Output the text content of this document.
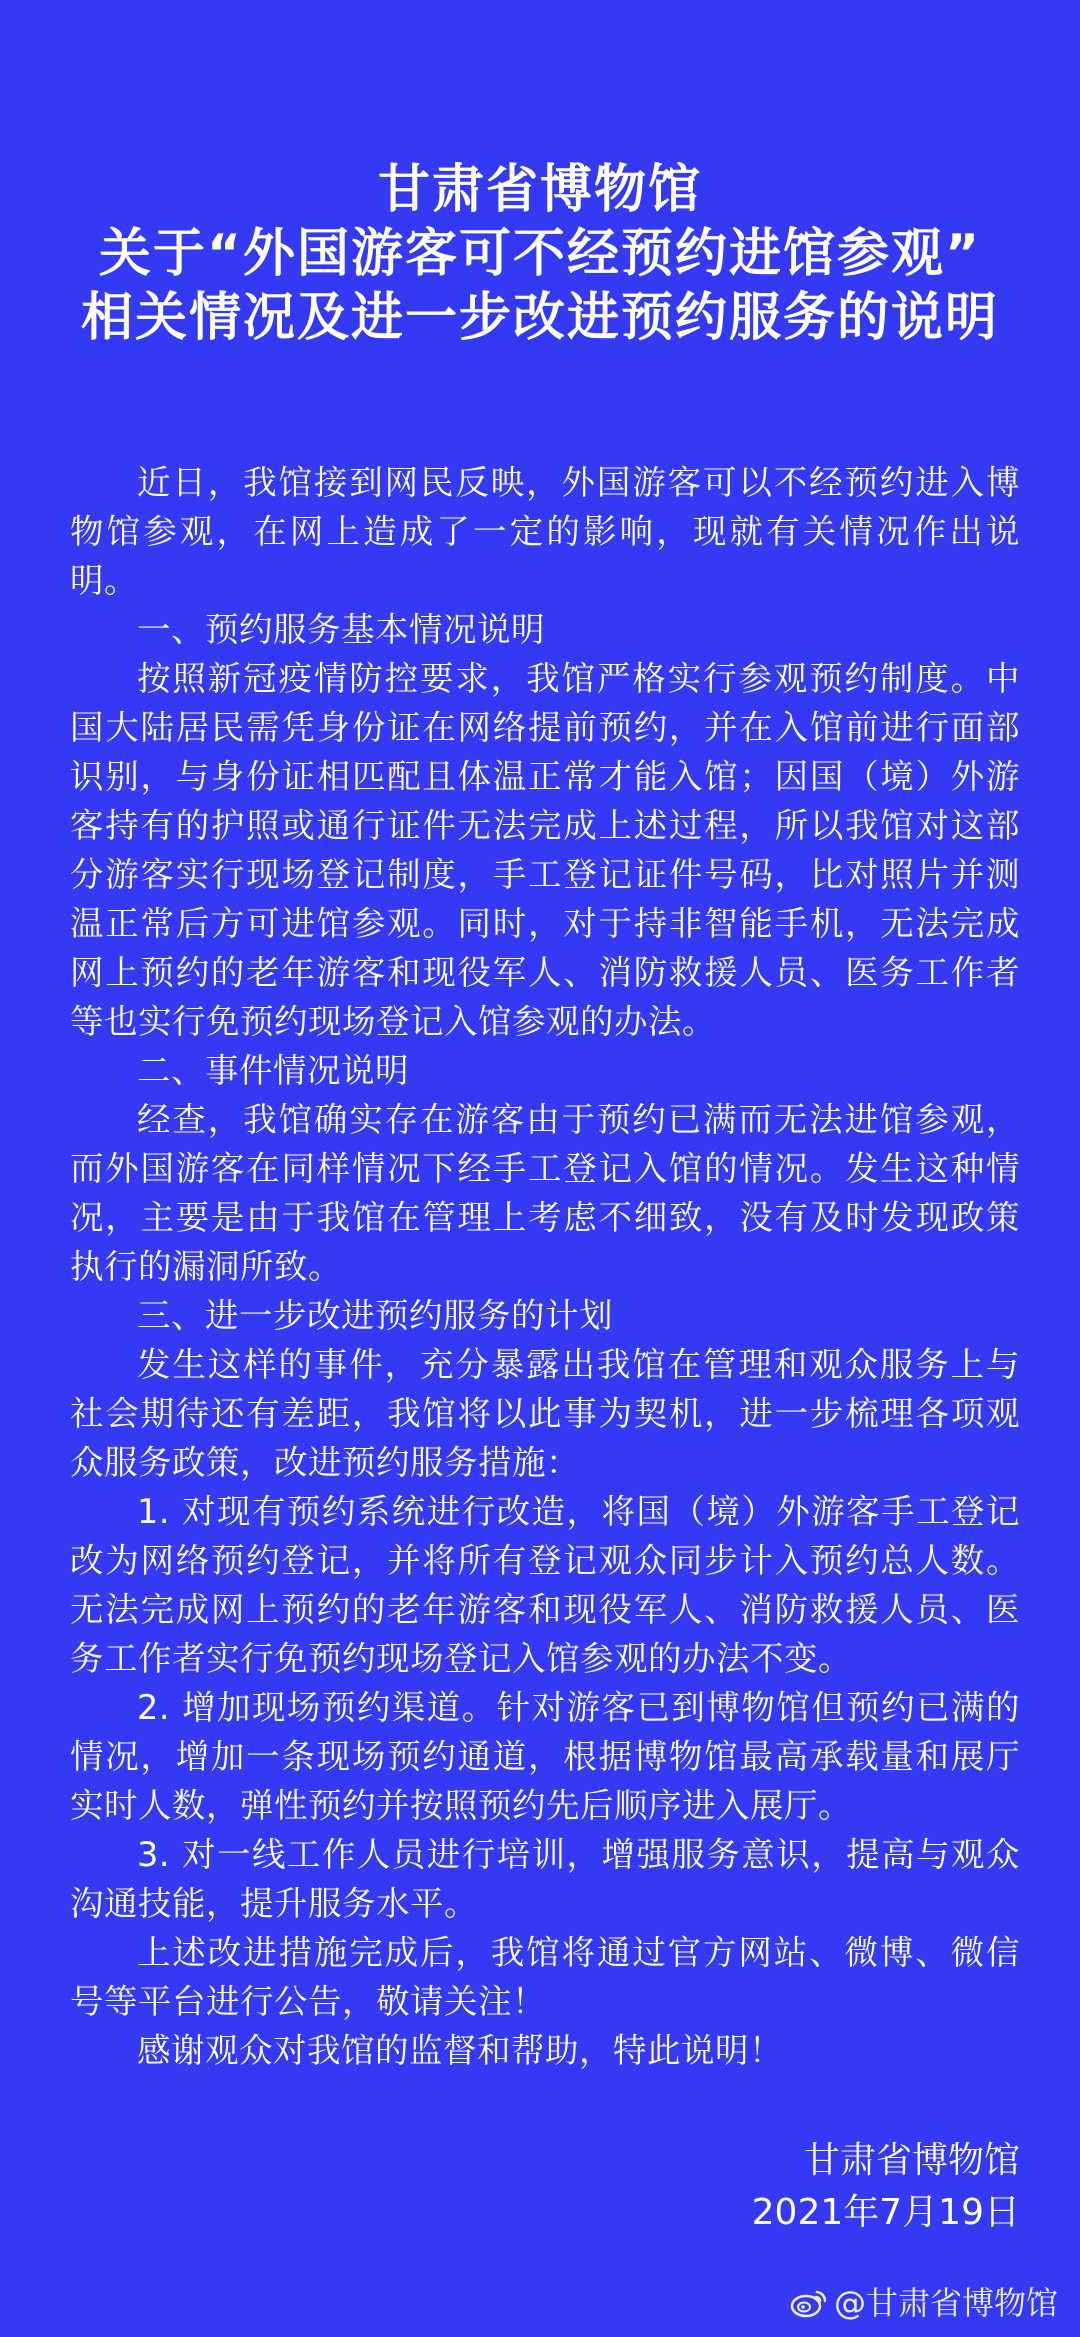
甘肃省博物馆
关于“外国游客可不经预约进馆参观”
相关情况及进一步改进预约服务的说明

近日，我馆接到网民反映，外国游客可以不经预约进入博物馆参观，在网上造成了一定的影响，现就有关情况作出说明。

一、预约服务基本情况说明

按照新冠疫情防控要求，我馆严格实行参观预约制度。中国大陆居民需凭身份证在网络提前预约，并在入馆前进行面部识别，与身份证相匹配且体温正常才能入馆；因国（境）外游客持有的护照或通行证件无法完成上述过程，所以我馆对这部分游客实行现场登记制度，手工登记证件号码，比对照片并测温正常后方可进馆参观。同时，对于持非智能手机，无法完成网上预约的老年游客和现役军人、消防救援人员、医务工作者等也实行免预约现场登记入馆参观的办法。

二、事件情况说明

经查，我馆确实存在游客由于预约已满而无法进馆参观，而外国游客在同样情况下经手工登记入馆的情况。发生这种情况，主要是由于我馆在管理上考虑不细致，没有及时发现政策执行的漏洞所致。

三、进一步改进预约服务的计划

发生这样的事件，充分暴露出我馆在管理和观众服务上与社会期待还有差距，我馆将以此事为契机，进一步梳理各项观众服务政策，改进预约服务措施：

1. 对现有预约系统进行改造，将国（境）外游客手工登记改为网络预约登记，并将所有登记观众同步计入预约总人数。无法完成网上预约的老年游客和现役军人、消防救援人员、医务工作者实行免预约现场登记入馆参观的办法不变。

2. 增加现场预约渠道。针对游客已到博物馆但预约已满的情况，增加一条现场预约通道，根据博物馆最高承载量和展厅实时人数，弹性预约并按照预约先后顺序进入展厅。

3. 对一线工作人员进行培训，增强服务意识，提高与观众沟通技能，提升服务水平。

上述改进措施完成后，我馆将通过官方网站、微博、微信号等平台进行公告，敬请关注！

感谢观众对我馆的监督和帮助，特此说明！

甘肃省博物馆
2021年7月19日
@甘肃省博物馆
